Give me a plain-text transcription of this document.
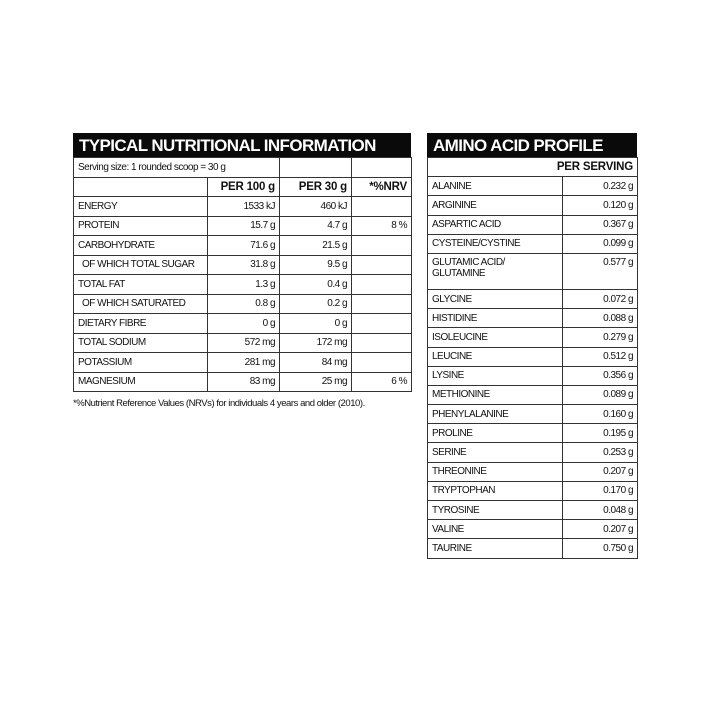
TYPICAL NUTRITIONAL INFORMATION
Serving size: 1 rounded scoop = 30 g			
	PER 100 g	PER 30 g	*%NRV
ENERGY	1533 kJ	460 kJ	
PROTEIN	15.7 g	4.7 g	8 %
CARBOHYDRATE	71.6 g	21.5 g	
OF WHICH TOTAL SUGAR	31.8 g	9.5 g	
TOTAL FAT	1.3 g	0.4 g	
OF WHICH SATURATED	0.8 g	0.2 g	
DIETARY FIBRE	0 g	0 g	
TOTAL SODIUM	572 mg	172 mg	
POTASSIUM	281 mg	84 mg	
MAGNESIUM	83 mg	25 mg	6 %
*%Nutrient Reference Values (NRVs) for individuals 4 years and older (2010).
AMINO ACID PROFILE
PER SERVING	
ALANINE	0.232 g
ARGININE	0.120 g
ASPARTIC ACID	0.367 g
CYSTEINE/CYSTINE	0.099 g
GLUTAMIC ACID/
GLUTAMINE	0.577 g
GLYCINE	0.072 g
HISTIDINE	0.088 g
ISOLEUCINE	0.279 g
LEUCINE	0.512 g
LYSINE	0.356 g
METHIONINE	0.089 g
PHENYLALANINE	0.160 g
PROLINE	0.195 g
SERINE	0.253 g
THREONINE	0.207 g
TRYPTOPHAN	0.170 g
TYROSINE	0.048 g
VALINE	0.207 g
TAURINE	0.750 g
